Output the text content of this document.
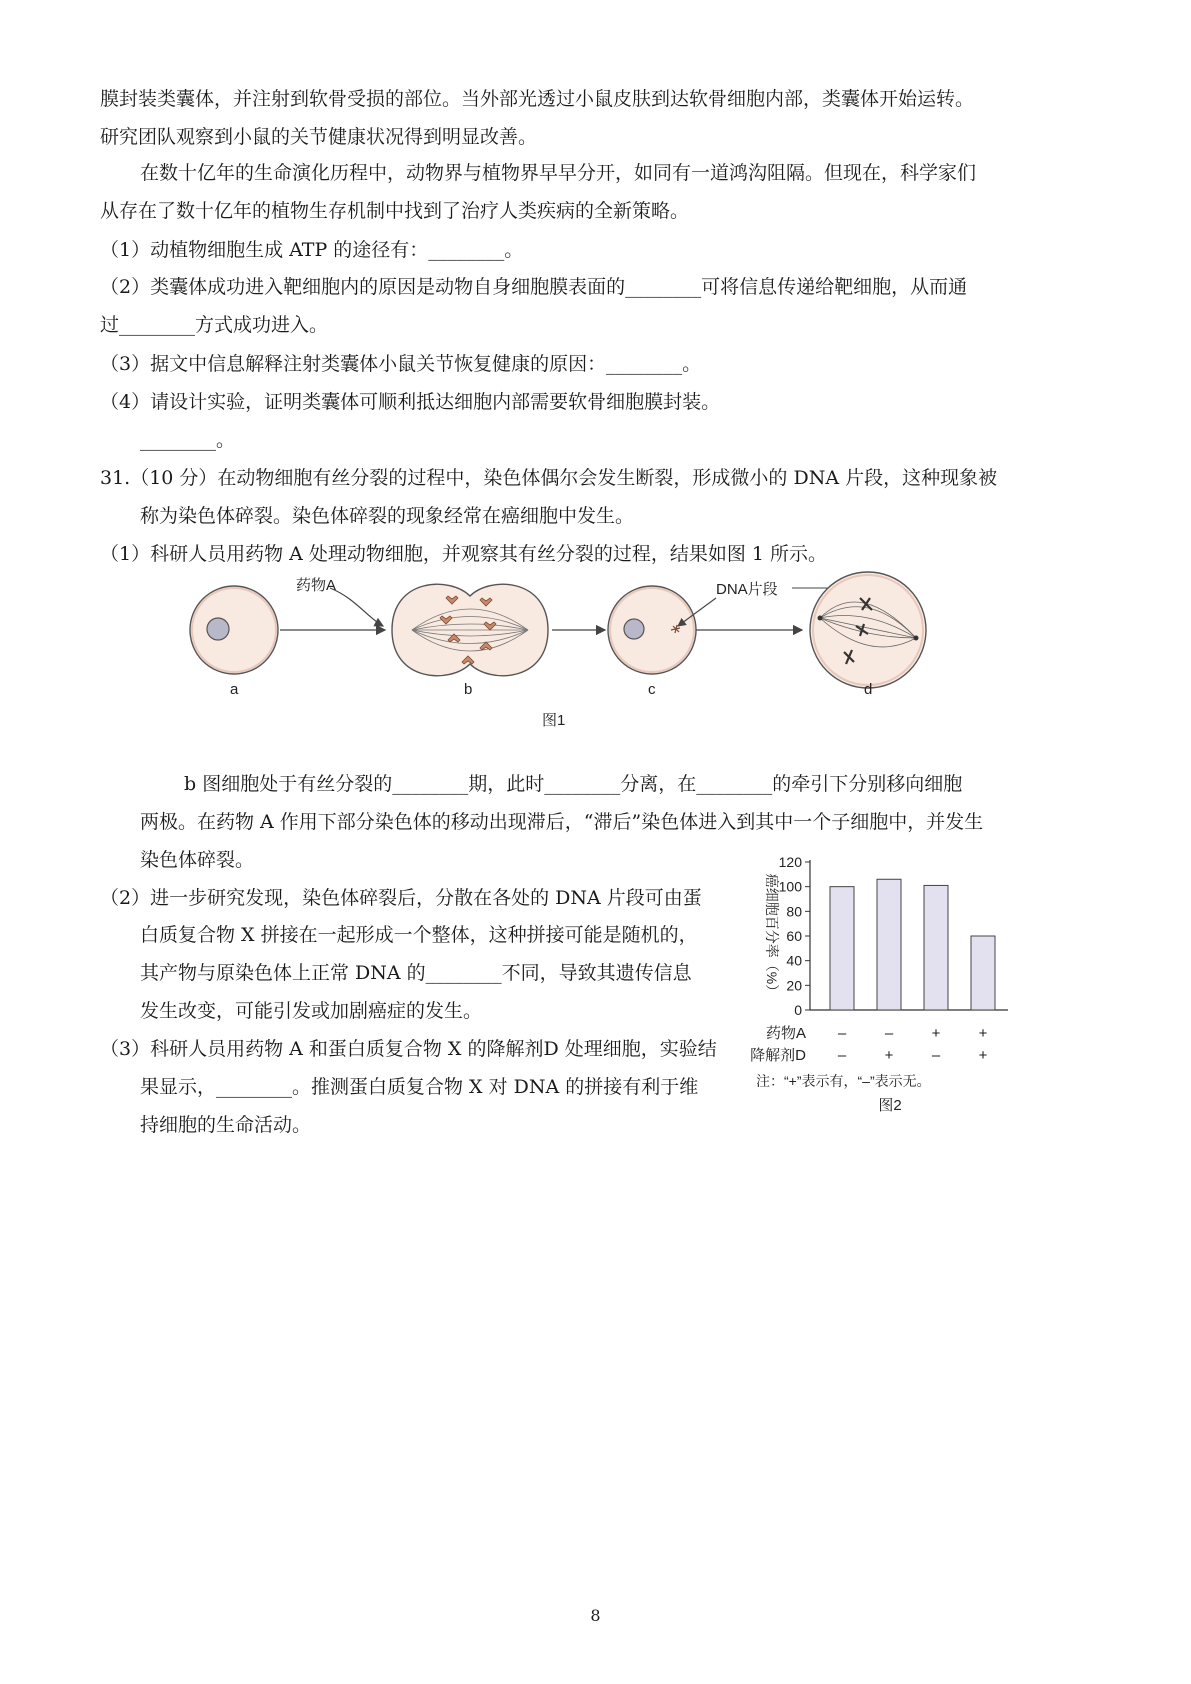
膜封装类囊体，并注射到软骨受损的部位。当外部光透过小鼠皮肤到达软骨细胞内部，类囊体开始运转。
研究团队观察到小鼠的关节健康状况得到明显改善。
在数十亿年的生命演化历程中，动物界与植物界早早分开，如同有一道鸿沟阻隔。但现在，科学家们
从存在了数十亿年的植物生存机制中找到了治疗人类疾病的全新策略。
（1）动植物细胞生成 ATP 的途径有：________。
（2）类囊体成功进入靶细胞内的原因是动物自身细胞膜表面的________可将信息传递给靶细胞，从而通
过________方式成功进入。
（3）据文中信息解释注射类囊体小鼠关节恢复健康的原因：________。
（4）请设计实验，证明类囊体可顺利抵达细胞内部需要软骨细胞膜封装。
________。
31.（10 分）在动物细胞有丝分裂的过程中，染色体偶尔会发生断裂，形成微小的 DNA 片段，这种现象被
称为染色体碎裂。染色体碎裂的现象经常在癌细胞中发生。
（1）科研人员用药物 A 处理动物细胞，并观察其有丝分裂的过程，结果如图 1 所示。
药物A	DNA片段
a	b	c	d
图1
b 图细胞处于有丝分裂的________期，此时________分离，在________的牵引下分别移向细胞
两极。在药物 A 作用下部分染色体的移动出现滞后，“滞后”染色体进入到其中一个子细胞中，并发生
染色体碎裂。
（2）进一步研究发现，染色体碎裂后，分散在各处的 DNA 片段可由蛋
白质复合物 X 拼接在一起形成一个整体，这种拼接可能是随机的，
其产物与原染色体上正常 DNA 的________不同，导致其遗传信息
发生改变，可能引发或加剧癌症的发生。
（3）科研人员用药物 A 和蛋白质复合物 X 的降解剂D 处理细胞，实验结
果显示，________。推测蛋白质复合物 X 对 DNA 的拼接有利于维
持细胞的生命活动。
0
20
40
60
80
100
120
癌细胞百分率（%）
药物A –	–	+	+
降解剂D –	+	–	+
注：“+”表示有，“–”表示无。
图2
8
